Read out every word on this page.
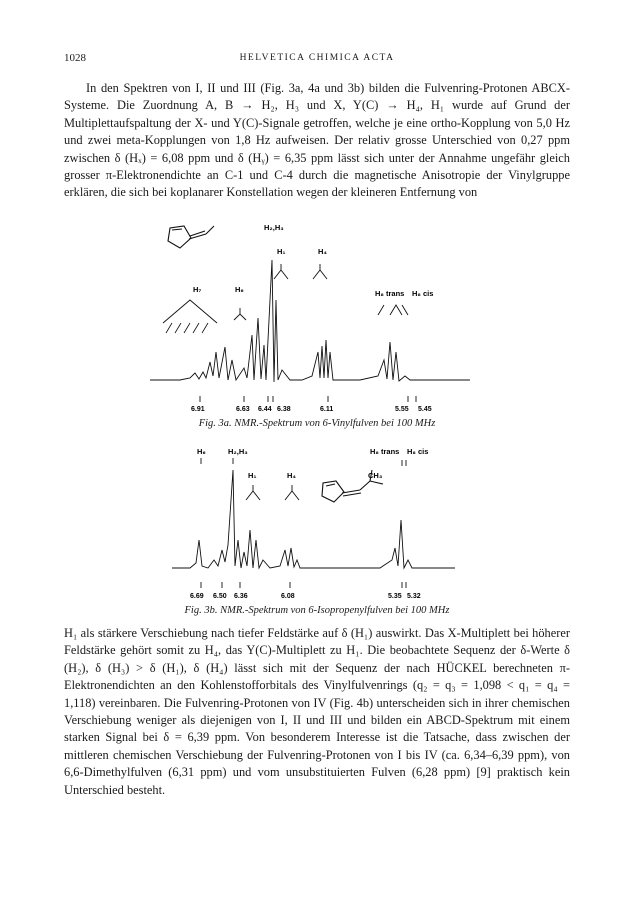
1028	HELVETICA CHIMICA ACTA

In den Spektren von I, II und III (Fig. 3a, 4a und 3b) bilden die Fulvenring-Protonen ABCX-Systeme. Die Zuordnung A, B → H₂, H₃ und X, Y(C) → H₄, H₁ wurde auf Grund der Multiplettaufspaltung der X- und Y(C)-Signale getroffen, welche je eine ortho-Kopplung von 5,0 Hz und zwei meta-Kopplungen von 1,8 Hz aufweisen. Der relativ grosse Unterschied von 0,27 ppm zwischen δ (Hₓ) = 6,08 ppm und δ (Hᵧ) = 6,35 ppm lässt sich unter der Annahme ungefähr gleich grosser π-Elektronendichte an C-1 und C-4 durch die magnetische Anisotropie der Vinylgruppe erklären, die sich bei koplanarer Konstellation wegen der kleineren Entfernung von

H₂,H₃
H₁	H₄
H₇	H₆	H₈ trans H₈ cis
6.91	6.63 6.44 6.38	6.11	5.55 5.45
H₆	H₂,H₃	H₈ trans H₈ cis
H₁	H₄	CH₃
6.69 6.50 6.36	6.08	5.35 5.32
Fig. 3a. NMR.-Spektrum von 6-Vinylfulven bei 100 MHz
Fig. 3b. NMR.-Spektrum von 6-Isopropenylfulven bei 100 MHz

H₁ als stärkere Verschiebung nach tiefer Feldstärke auf δ (H₁) auswirkt. Das X-Multiplett bei höherer Feldstärke gehört somit zu H₄, das Y(C)-Multiplett zu H₁. Die beobachtete Sequenz der δ-Werte δ (H₂), δ (H₃) > δ (H₁), δ (H₄) lässt sich mit der Sequenz der nach HÜCKEL berechneten π-Elektronendichten an den Kohlenstofforbitals des Vinylfulvenrings (q₂ = q₃ = 1,098 < q₁ = q₄ = 1,118) vereinbaren. Die Fulvenring-Protonen von IV (Fig. 4b) unterscheiden sich in ihrer chemischen Verschiebung weniger als diejenigen von I, II und III und bilden ein ABCD-Spektrum mit einem starken Signal bei δ = 6,39 ppm. Von besonderem Interesse ist die Tatsache, dass zwischen der mittleren chemischen Verschiebung der Fulvenring-Protonen von I bis IV (ca. 6,34–6,39 ppm), von 6,6-Dimethylfulven (6,31 ppm) und vom unsubstituierten Fulven (6,28 ppm) [9] praktisch kein Unterschied besteht.
